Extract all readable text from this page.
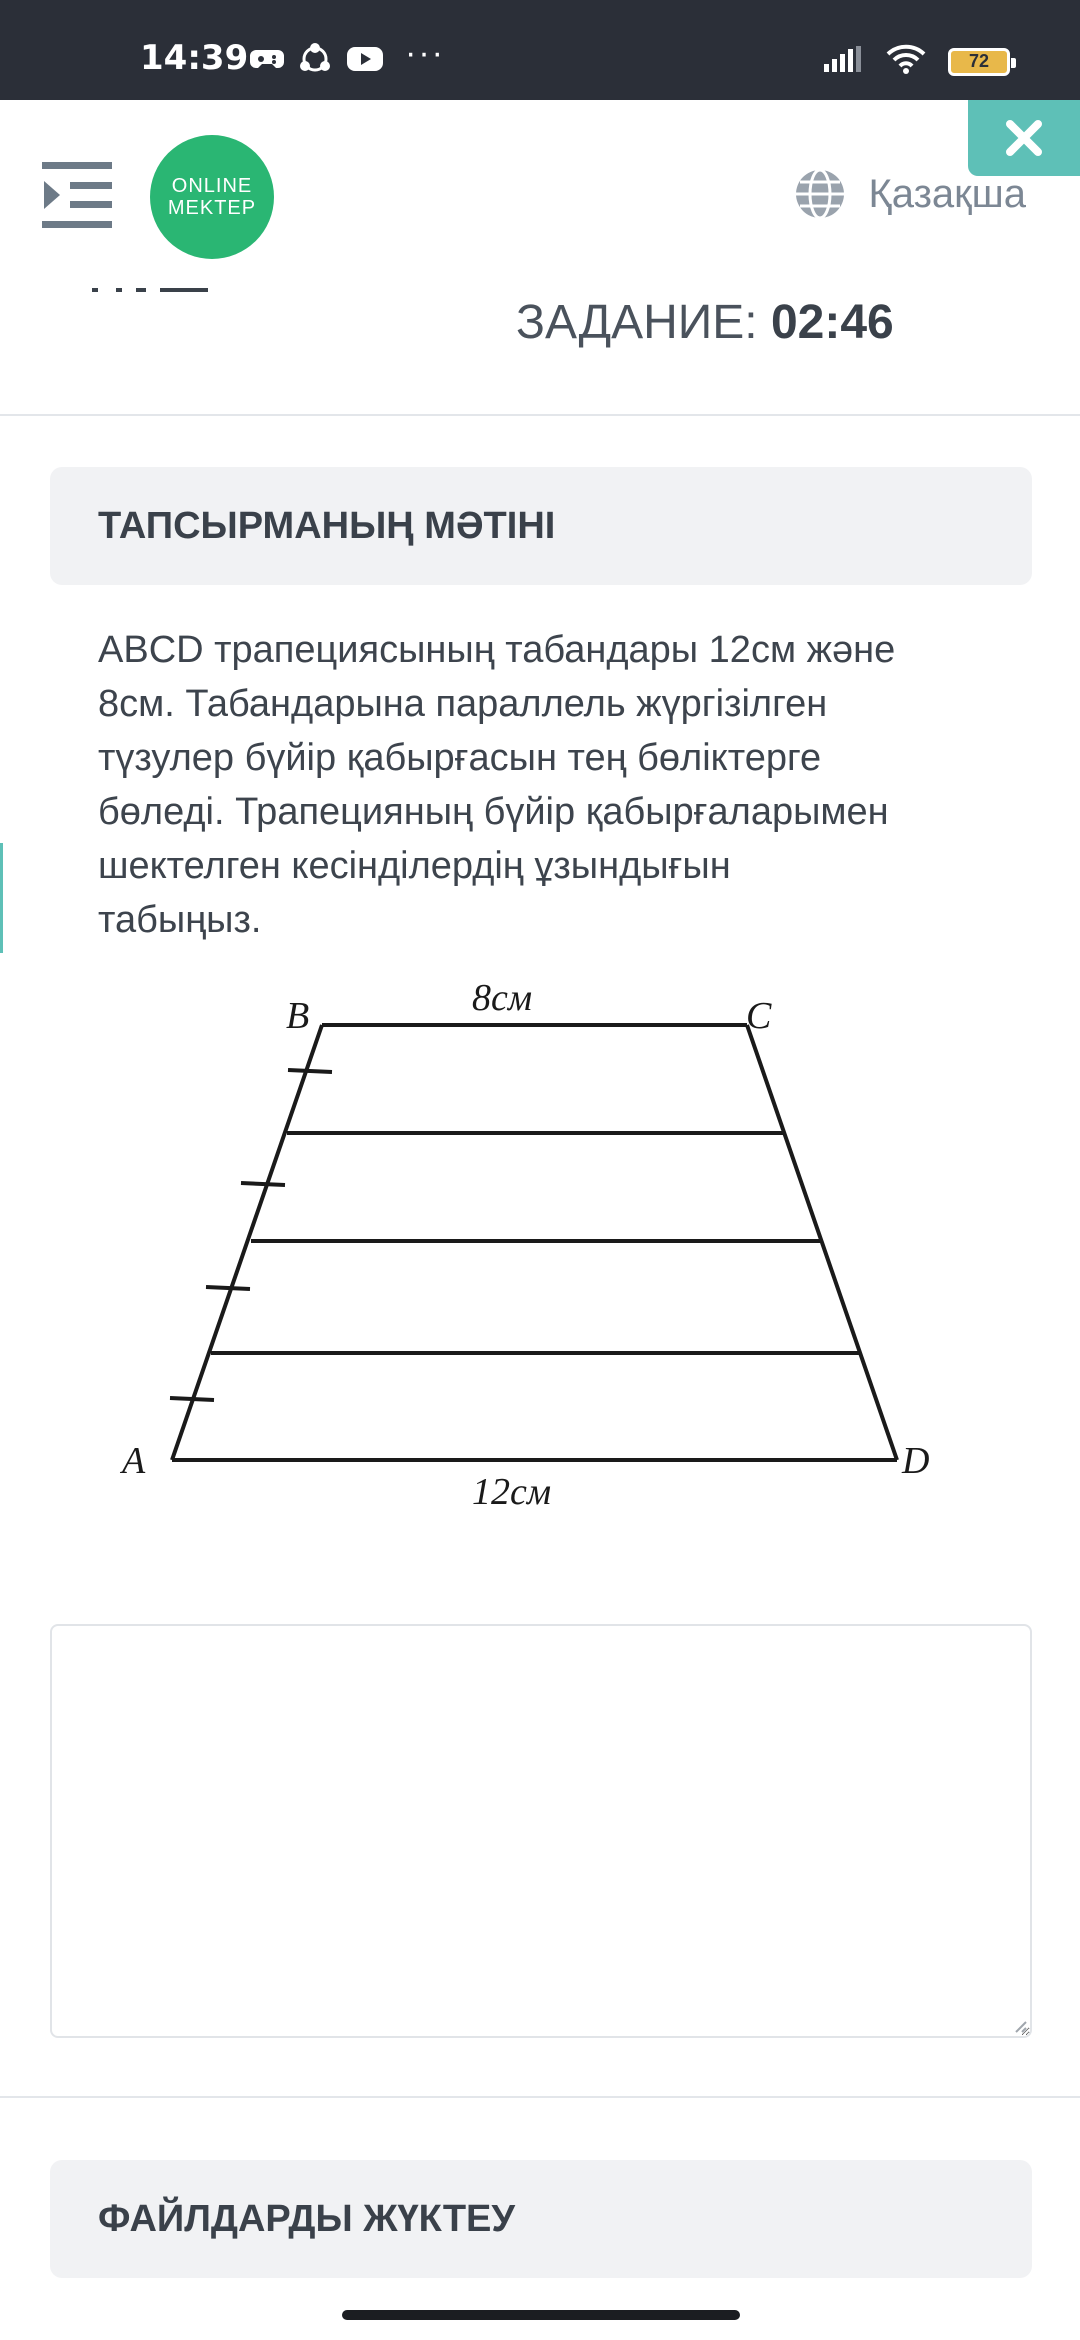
14:39	···	72
ONLINE
MEKTEP	Қазақша
ЗАДАНИЕ: 02:46
ТАПСЫРМАНЫҢ МӘТІНІ
ABCD трапециясының табандары 12см және
8см. Табандарына параллель жүргізілген
түзулер бүйір қабырғасын тең бөліктерге
бөледі. Трапецияның бүйір қабырғаларымен
шектелген кесінділердің ұзындығын
табыңыз.
B	C
A	D
8см
12см
ФАЙЛДАРДЫ ЖҮКТЕУ
